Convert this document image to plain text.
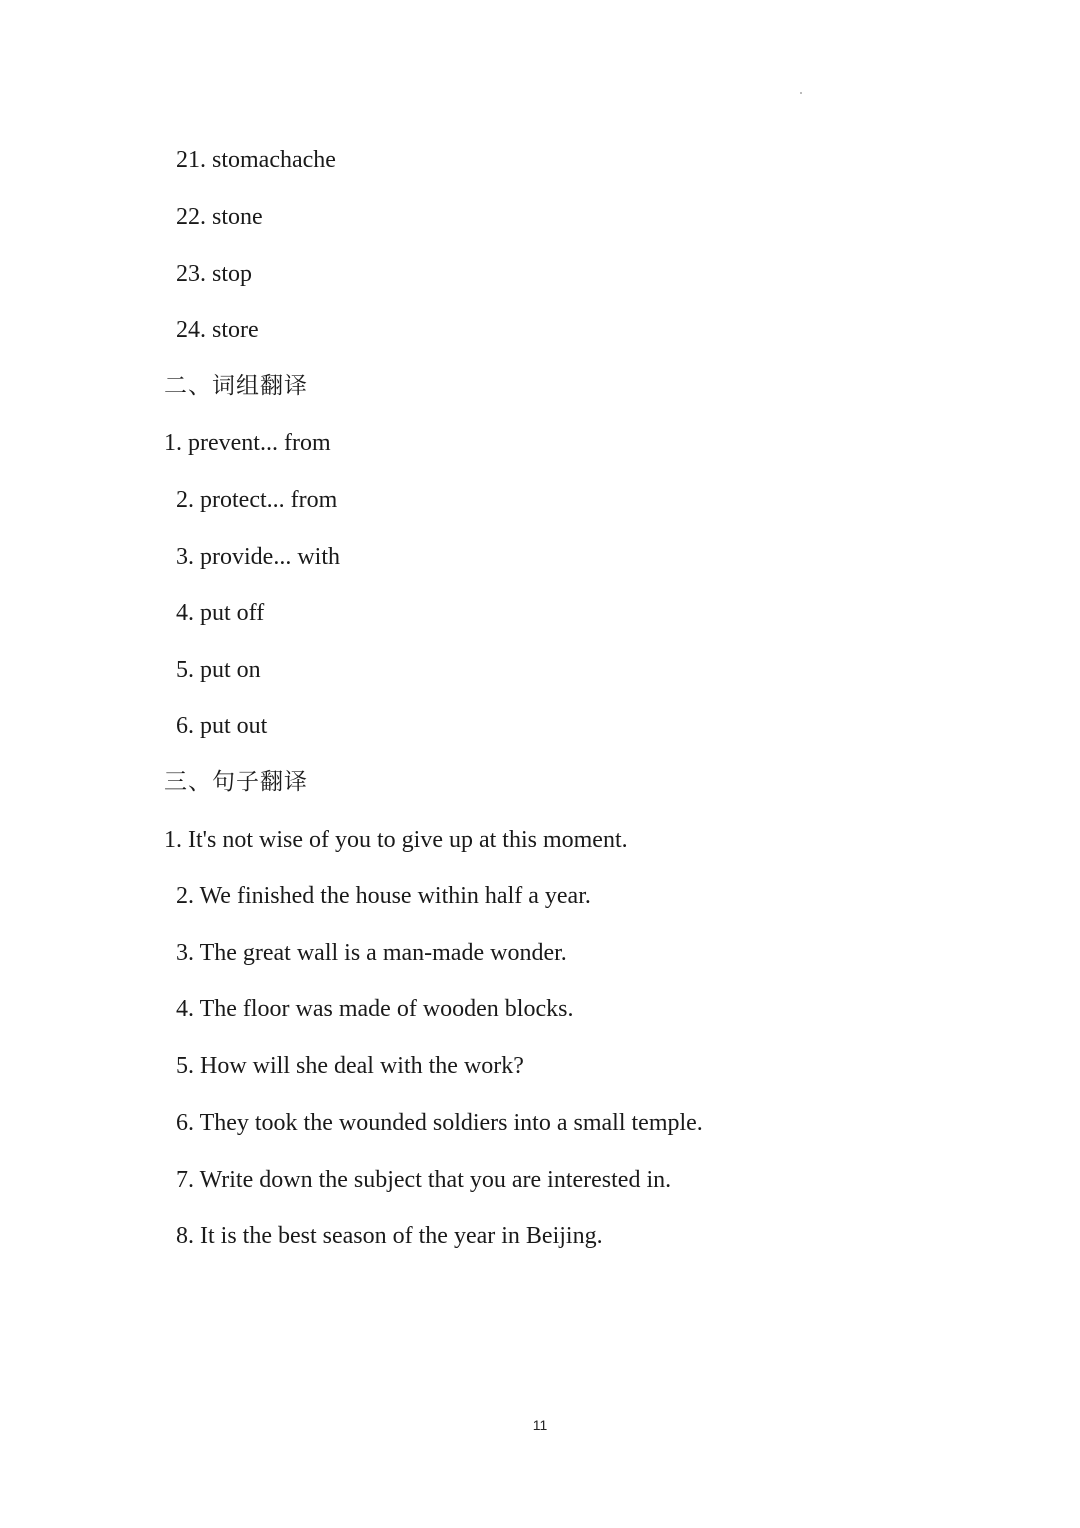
21. stomachache
22. stone
23. stop
24. store
二、词组翻译
1. prevent... from
2. protect... from
3. provide... with
4. put off
5. put on
6. put out
三、句子翻译
1. It's not wise of you to give up at this moment.
2. We finished the house within half a year.
3. The great wall is a man-made wonder.
4. The floor was made of wooden blocks.
5. How will she deal with the work?
6. They took the wounded soldiers into a small temple.
7. Write down the subject that you are interested in.
8. It is the best season of the year in Beijing.
11
